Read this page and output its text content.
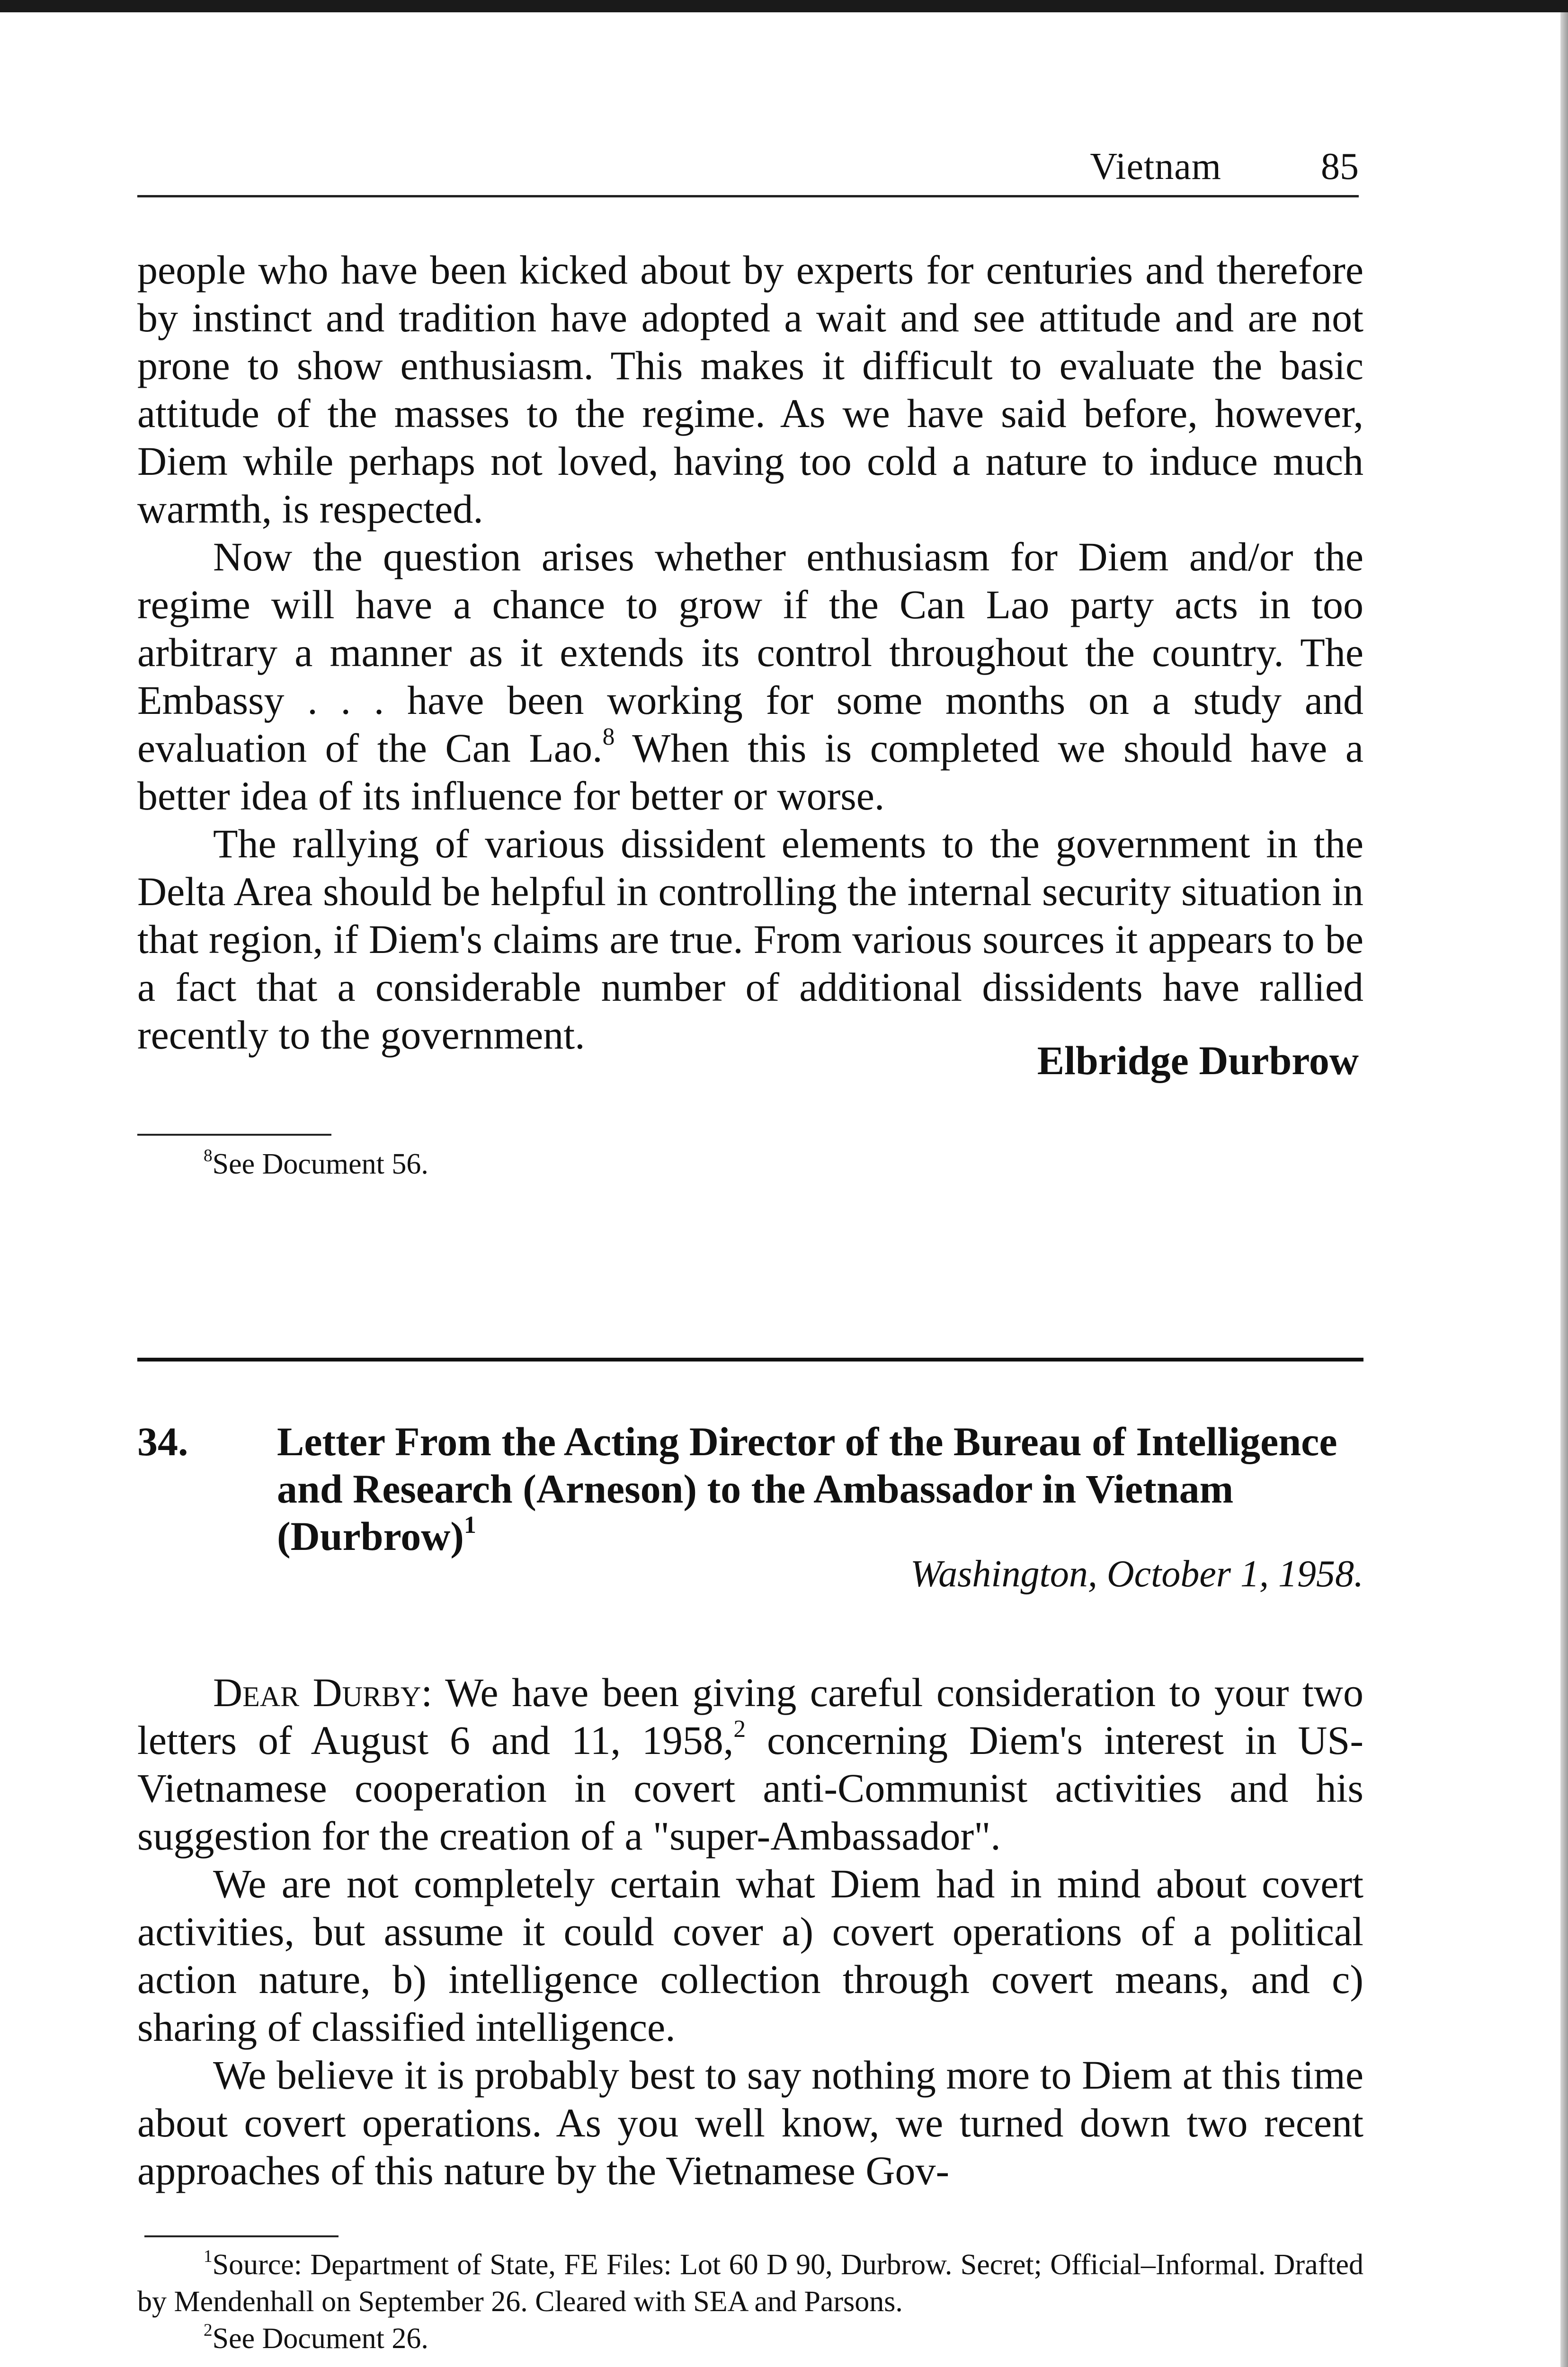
Vietnam	85

people who have been kicked about by experts for centuries and therefore by instinct and tradition have adopted a wait and see attitude and are not prone to show enthusiasm. This makes it difficult to evaluate the basic attitude of the masses to the regime. As we have said before, however, Diem while perhaps not loved, having too cold a nature to induce much warmth, is respected.

Now the question arises whether enthusiasm for Diem and/or the regime will have a chance to grow if the Can Lao party acts in too arbitrary a manner as it extends its control throughout the country. The Embassy . . . have been working for some months on a study and evaluation of the Can Lao.$^8$ When this is completed we should have a better idea of its influence for better or worse.

The rallying of various dissident elements to the government in the Delta Area should be helpful in controlling the internal security situation in that region, if Diem's claims are true. From various sources it appears to be a fact that a considerable number of additional dissidents have rallied recently to the government.

Elbridge Durbrow

$^8$See Document 56.

34. Letter From the Acting Director of the Bureau of Intelligence and Research (Arneson) to the Ambassador in Vietnam (Durbrow)$^1$
Washington, October 1, 1958.

Dear Durby: We have been giving careful consideration to your two letters of August 6 and 11, 1958,$^2$ concerning Diem's interest in US-Vietnamese cooperation in covert anti-Communist activities and his suggestion for the creation of a "super-Ambassador".

We are not completely certain what Diem had in mind about covert activities, but assume it could cover a) covert operations of a political action nature, b) intelligence collection through covert means, and c) sharing of classified intelligence.

We believe it is probably best to say nothing more to Diem at this time about covert operations. As you well know, we turned down two recent approaches of this nature by the Vietnamese Gov-

$^1$Source: Department of State, FE Files: Lot 60 D 90, Durbrow. Secret; Official–Informal. Drafted by Mendenhall on September 26. Cleared with SEA and Parsons.

$^2$See Document 26.
